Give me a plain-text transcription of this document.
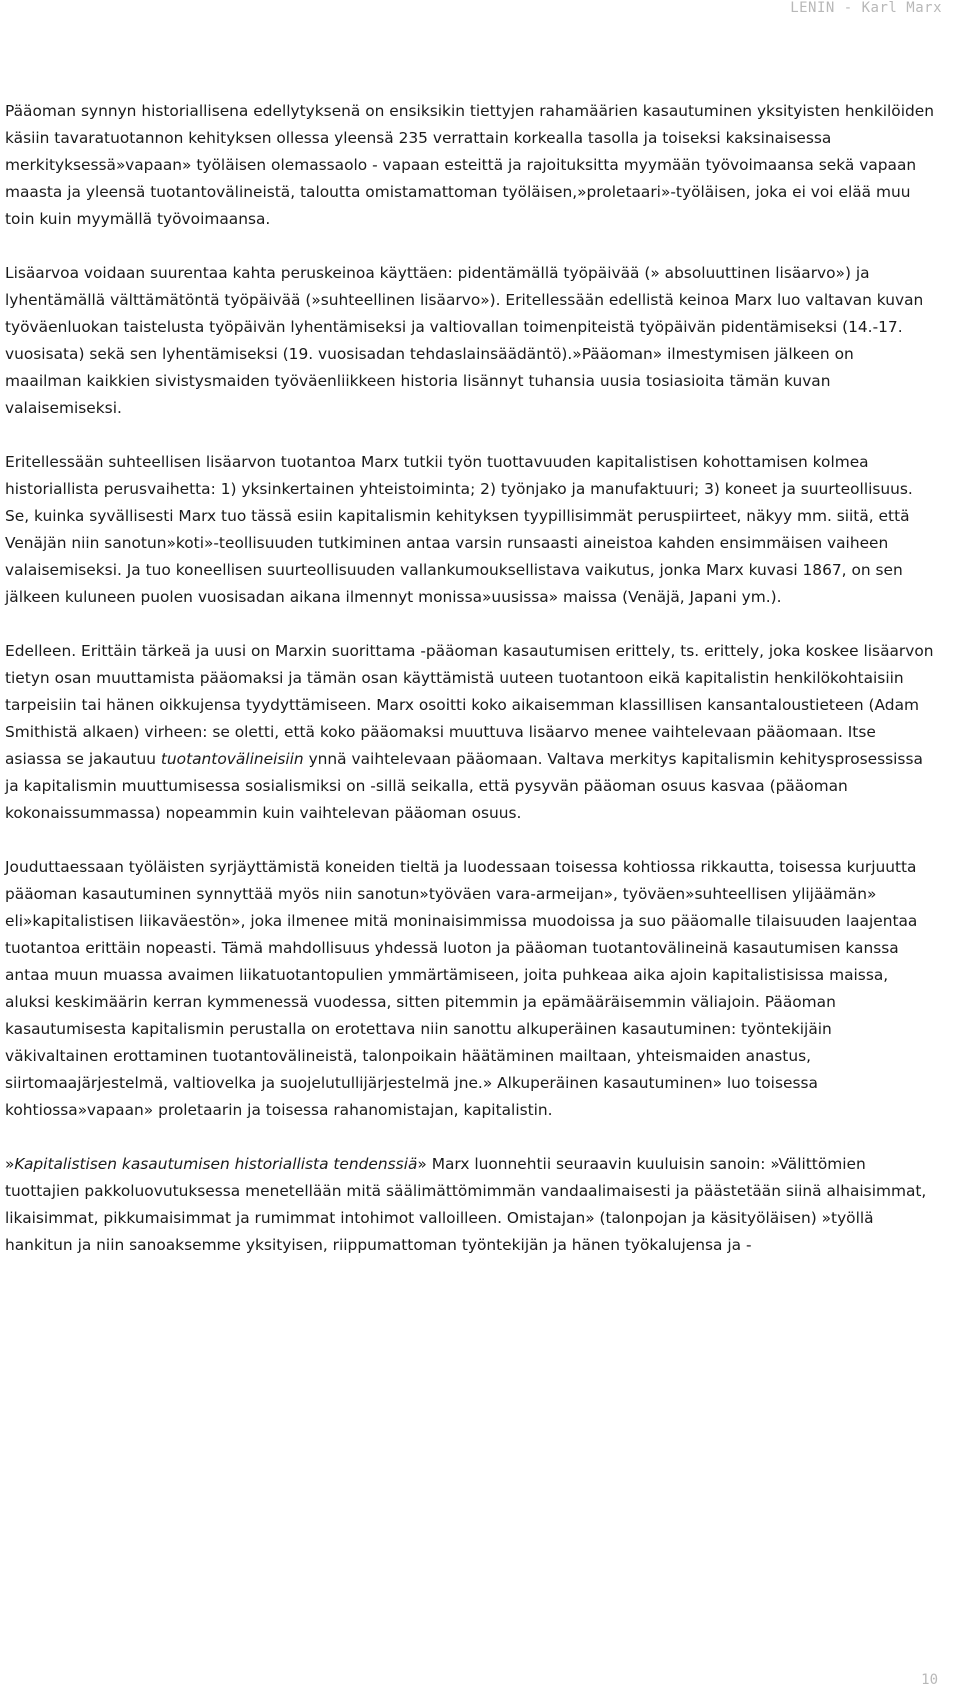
LENIN - Karl Marx

Pääoman synnyn historiallisena edellytyksenä on ensiksikin tiettyjen rahamäärien kasautuminen yksityisten henkilöiden käsiin tavaratuotannon kehityksen ollessa yleensä 235 verrattain korkealla tasolla ja toiseksi kaksinaisessa merkityksessä»vapaan» työläisen olemassaolo - vapaan esteittä ja rajoituksitta myymään työvoimaansa sekä vapaan maasta ja yleensä tuotantovälineistä, taloutta omistamattoman työläisen,»proletaari»-työläisen, joka ei voi elää muu toin kuin myymällä työvoimaansa.

Lisäarvoa voidaan suurentaa kahta peruskeinoa käyttäen: pidentämällä työpäivää (» absoluuttinen lisäarvo») ja lyhentämällä välttämätöntä työpäivää (»suhteellinen lisäarvo»). Eritellessään edellistä keinoa Marx luo valtavan kuvan työväenluokan taistelusta työpäivän lyhentämiseksi ja valtiovallan toimenpiteistä työpäivän pidentämiseksi (14.-17. vuosisata) sekä sen lyhentämiseksi (19. vuosisadan tehdaslainsäädäntö).»Pääoman» ilmestymisen jälkeen on maailman kaikkien sivistysmaiden työväenliikkeen historia lisännyt tuhansia uusia tosiasioita tämän kuvan valaisemiseksi.

Eritellessään suhteellisen lisäarvon tuotantoa Marx tutkii työn tuottavuuden kapitalistisen kohottamisen kolmea historiallista perusvaihetta: 1) yksinkertainen yhteistoiminta; 2) työnjako ja manufaktuuri; 3) koneet ja suurteollisuus. Se, kuinka syvällisesti Marx tuo tässä esiin kapitalismin kehityksen tyypillisimmät peruspiirteet, näkyy mm. siitä, että Venäjän niin sanotun»koti»-teollisuuden tutkiminen antaa varsin runsaasti aineistoa kahden ensimmäisen vaiheen valaisemiseksi. Ja tuo koneellisen suurteollisuuden vallankumouksellistava vaikutus, jonka Marx kuvasi 1867, on sen jälkeen kuluneen puolen vuosisadan aikana ilmennyt monissa»uusissa» maissa (Venäjä, Japani ym.).

Edelleen. Erittäin tärkeä ja uusi on Marxin suorittama -pääoman kasautumisen erittely, ts. erittely, joka koskee lisäarvon tietyn osan muuttamista pääomaksi ja tämän osan käyttämistä uuteen tuotantoon eikä kapitalistin henkilökohtaisiin tarpeisiin tai hänen oikkujensa tyydyttämiseen. Marx osoitti koko aikaisemman klassillisen kansantaloustieteen (Adam Smithistä alkaen) virheen: se oletti, että koko pääomaksi muuttuva lisäarvo menee vaihtelevaan pääomaan. Itse asiassa se jakautuu tuotantovälineisiin ynnä vaihtelevaan pääomaan. Valtava merkitys kapitalismin kehitysprosessissa ja kapitalismin muuttumisessa sosialismiksi on -sillä seikalla, että pysyvän pääoman osuus kasvaa (pääoman kokonaissummassa) nopeammin kuin vaihtelevan pääoman osuus.

Jouduttaessaan työläisten syrjäyttämistä koneiden tieltä ja luodessaan toisessa kohtiossa rikkautta, toisessa kurjuutta pääoman kasautuminen synnyttää myös niin sanotun»työväen vara-armeijan», työväen»suhteellisen ylijäämän» eli»kapitalistisen liikaväestön», joka ilmenee mitä moninaisimmissa muodoissa ja suo pääomalle tilaisuuden laajentaa tuotantoa erittäin nopeasti. Tämä mahdollisuus yhdessä luoton ja pääoman tuotantovälineinä kasautumisen kanssa antaa muun muassa avaimen liikatuotantopulien ymmärtämiseen, joita puhkeaa aika ajoin kapitalistisissa maissa, aluksi keskimäärin kerran kymmenessä vuodessa, sitten pitemmin ja epämääräisemmin väliajoin. Pääoman kasautumisesta kapitalismin perustalla on erotettava niin sanottu alkuperäinen kasautuminen: työntekijäin väkivaltainen erottaminen tuotantovälineistä, talonpoikain häätäminen mailtaan, yhteismaiden anastus, siirtomaajärjestelmä, valtiovelka ja suojelutullijärjestelmä jne.» Alkuperäinen kasautuminen» luo toisessa kohtiossa»vapaan» proletaarin ja toisessa rahanomistajan, kapitalistin.

»Kapitalistisen kasautumisen historiallista tendenssiä» Marx luonnehtii seuraavin kuuluisin sanoin: »Välittömien tuottajien pakkoluovutuksessa menetellään mitä säälimättömimmän vandaalimaisesti ja päästetään siinä alhaisimmat, likaisimmat, pikkumaisimmat ja rumimmat intohimot valloilleen. Omistajan» (talonpojan ja käsityöläisen) »työllä hankitun ja niin sanoaksemme yksityisen, riippumattoman työntekijän ja hänen työkalujensa ja -

10
